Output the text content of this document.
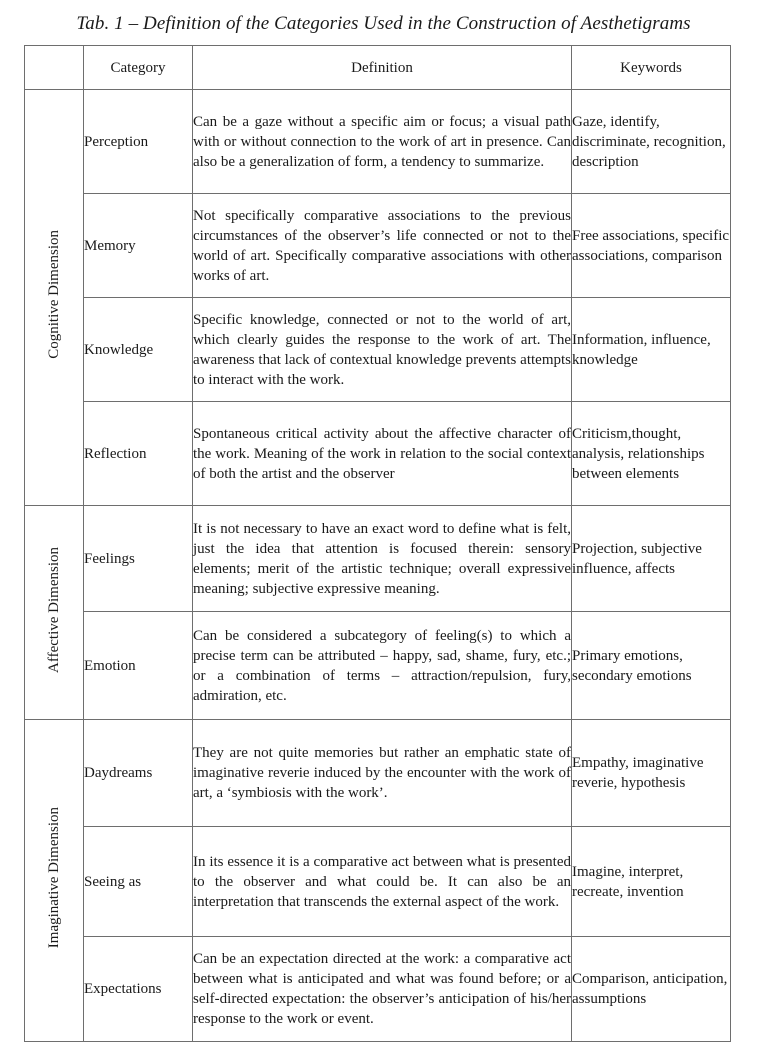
Tab. 1 – Definition of the Categories Used in the Construction of Aesthetigrams
	Category	Definition	Keywords
Cognitive Dimension	Perception	Can be a gaze without a specific aim or focus; a visual path with or without connection to the work of art in presence. Can also be a generalization of form, a tendency to summarize.	Gaze, identify, discriminate, recognition, description
	Memory	Not specifically comparative associations to the previous circumstances of the observer’s life connected or not to the world of art. Specifically comparative associations with other works of art.	Free associations, specific associations, comparison
	Knowledge	Specific knowledge, connected or not to the world of art, which clearly guides the response to the work of art. The awareness that lack of contextual knowledge prevents attempts to interact with the work.	Information, influence, knowledge
	Reflection	Spontaneous critical activity about the affective character of the work. Meaning of the work in relation to the social context of both the artist and the observer	Criticism,thought, analysis, relationships between elements
Affective Dimension	Feelings	It is not necessary to have an exact word to define what is felt, just the idea that attention is focused therein: sensory elements; merit of the artistic technique; overall expressive meaning; subjective expressive meaning.	Projection, subjective influence, affects
	Emotion	Can be considered a subcategory of feeling(s) to which a precise term can be attributed – happy, sad, shame, fury, etc.; or a combination of terms – attraction/repulsion, fury, admiration, etc.	Primary emotions, secondary emotions
Imaginative Dimension	Daydreams	They are not quite memories but rather an emphatic state of imaginative reverie induced by the encounter with the work of art, a ‘symbiosis with the work’.	Empathy, imaginative reverie, hypothesis
	Seeing as	In its essence it is a comparative act between what is presented to the observer and what could be. It can also be an interpretation that transcends the external aspect of the work.	Imagine, interpret, recreate, invention
	Expectations	Can be an expectation directed at the work: a comparative act between what is anticipated and what was found before; or a self-directed expectation: the observer’s anticipation of his/her response to the work or event.	Comparison, anticipation, assumptions
